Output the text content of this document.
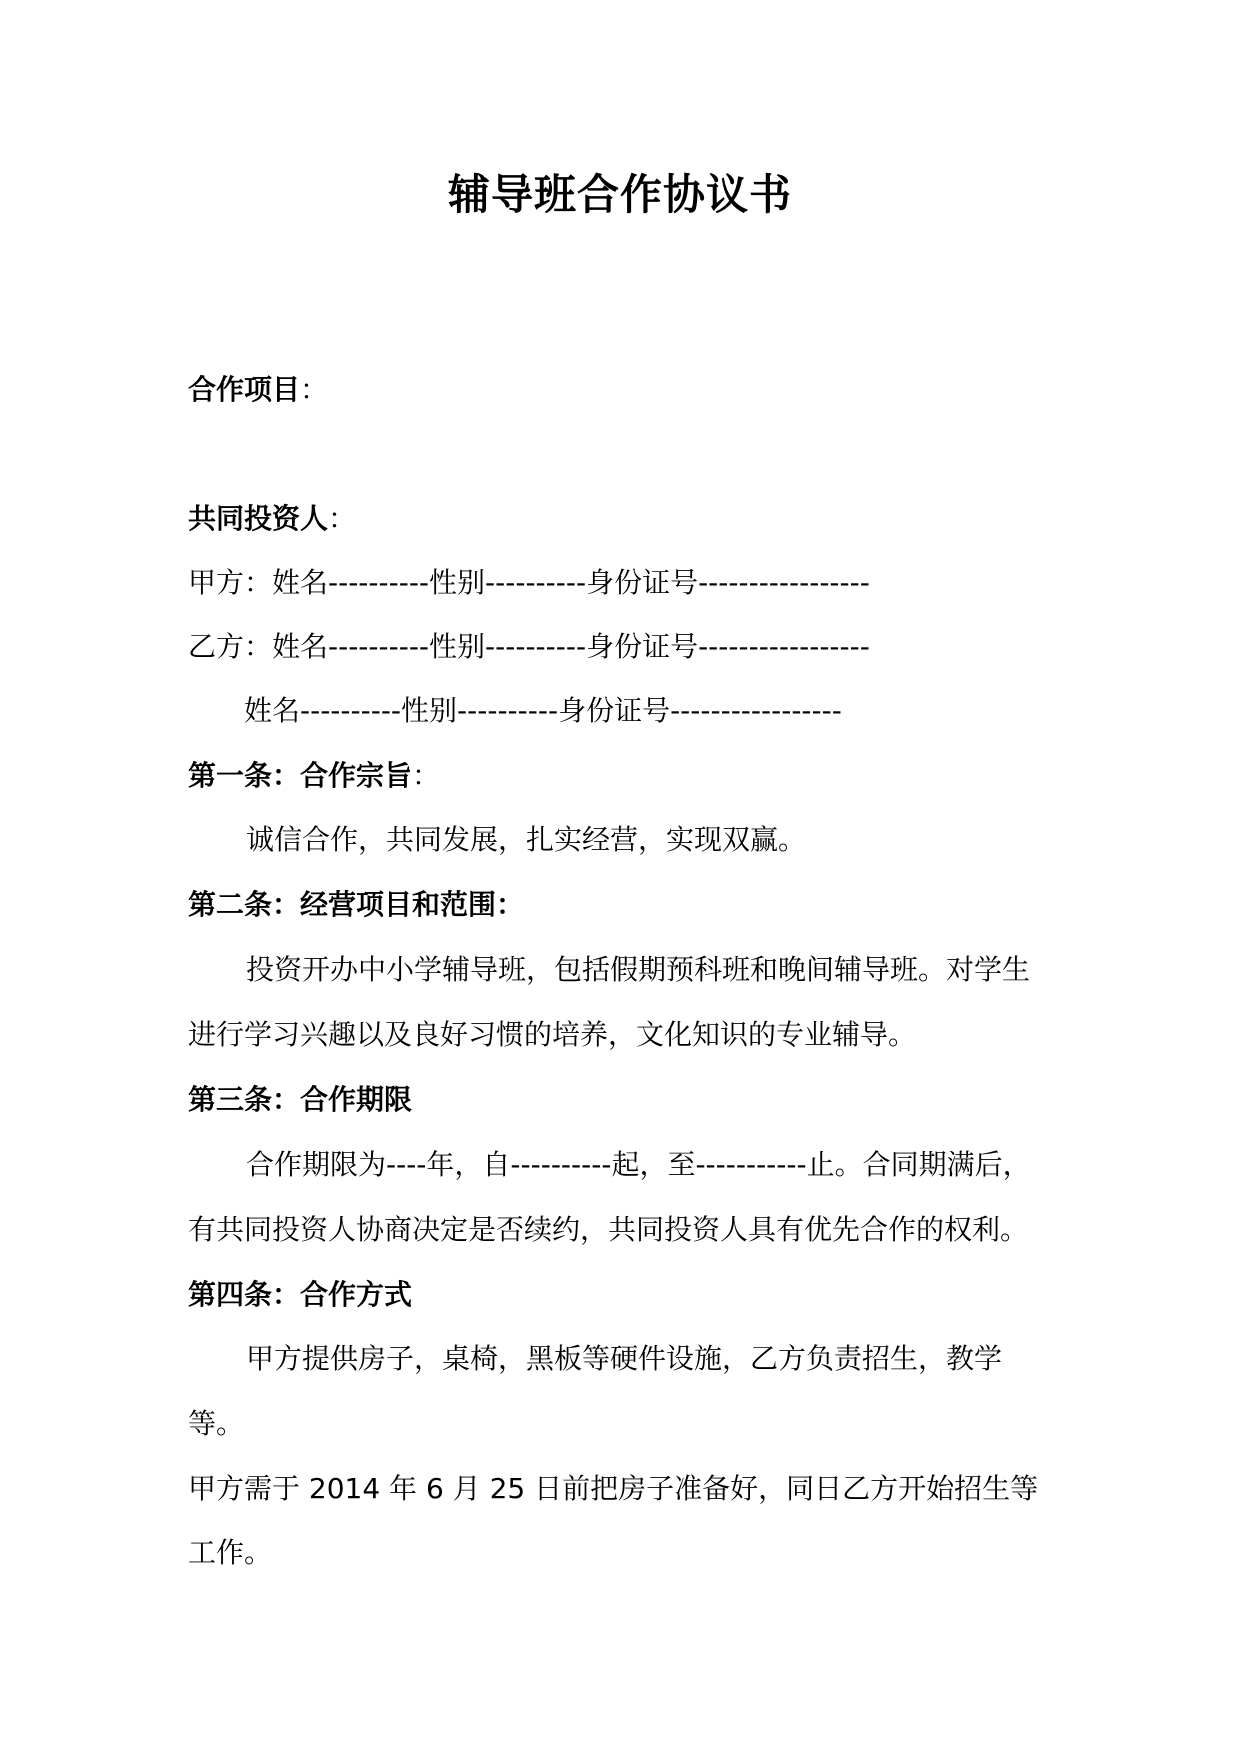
辅导班合作协议书
合作项目：
共同投资人：
甲方：姓名----------性别----------身份证号-----------------
乙方：姓名----------性别----------身份证号-----------------
姓名----------性别----------身份证号-----------------
第一条：合作宗旨：
诚信合作，共同发展，扎实经营，实现双赢。
第二条：经营项目和范围：
投资开办中小学辅导班，包括假期预科班和晚间辅导班。对学生
进行学习兴趣以及良好习惯的培养，文化知识的专业辅导。
第三条：合作期限
合作期限为----年，自----------起，至-----------止。合同期满后，
有共同投资人协商决定是否续约，共同投资人具有优先合作的权利。
第四条：合作方式
甲方提供房子，桌椅，黑板等硬件设施，乙方负责招生，教学
等。
甲方需于 2014 年 6 月 25 日前把房子准备好，同日乙方开始招生等
工作。
